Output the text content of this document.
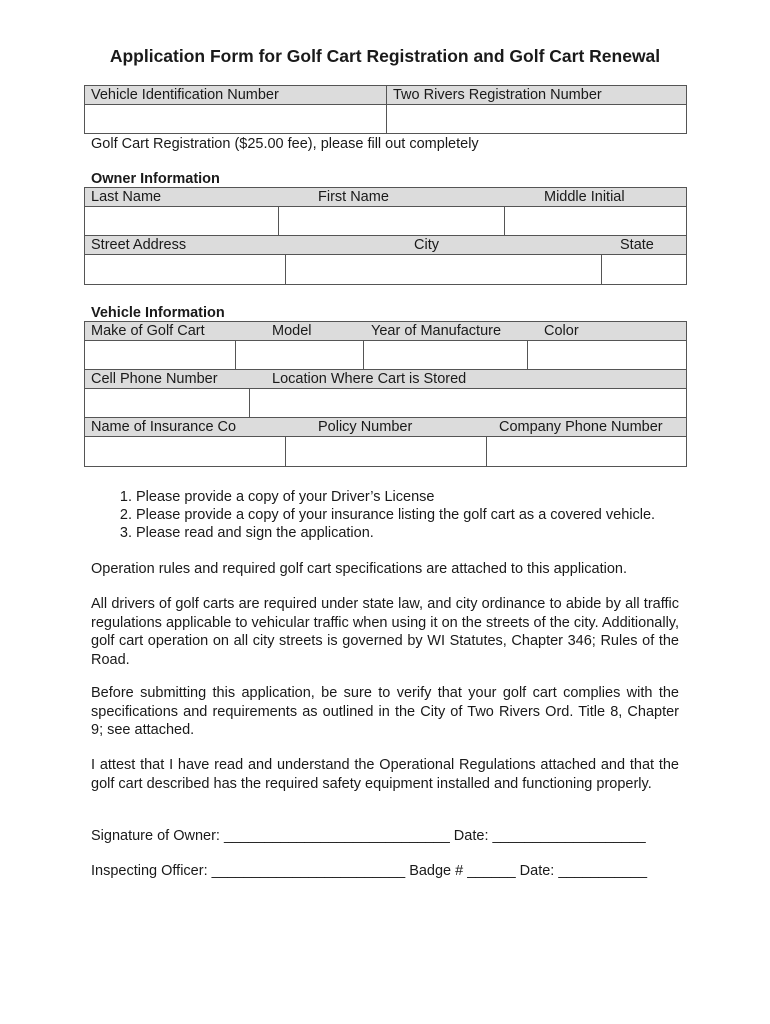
Application Form for Golf Cart Registration and Golf Cart Renewal
Vehicle Identification Number	Two Rivers Registration Number
Golf Cart Registration ($25.00 fee), please fill out completely
Owner Information
Last Name	First Name	Middle Initial
Street Address	City	State
Vehicle Information
Make of Golf Cart	Model	Year of Manufacture	Color
Cell Phone Number	Location Where Cart is Stored
Name of Insurance Co	Policy Number	Company Phone Number
1. Please provide a copy of your Driver’s License
2. Please provide a copy of your insurance listing the golf cart as a covered vehicle.
3. Please read and sign the application.
Operation rules and required golf cart specifications are attached to this application.
All drivers of golf carts are required under state law, and city ordinance to abide by all traffic regulations applicable to vehicular traffic when using it on the streets of the city. Additionally, golf cart operation on all city streets is governed by WI Statutes, Chapter 346; Rules of the Road.
Before submitting this application, be sure to verify that your golf cart complies with the specifications and requirements as outlined in the City of Two Rivers Ord. Title 8, Chapter 9; see attached.
I attest that I have read and understand the Operational Regulations attached and that the golf cart described has the required safety equipment installed and functioning properly.
Signature of Owner: ____________________________ Date: ___________________
Inspecting Officer: ________________________ Badge # ______ Date: ___________
